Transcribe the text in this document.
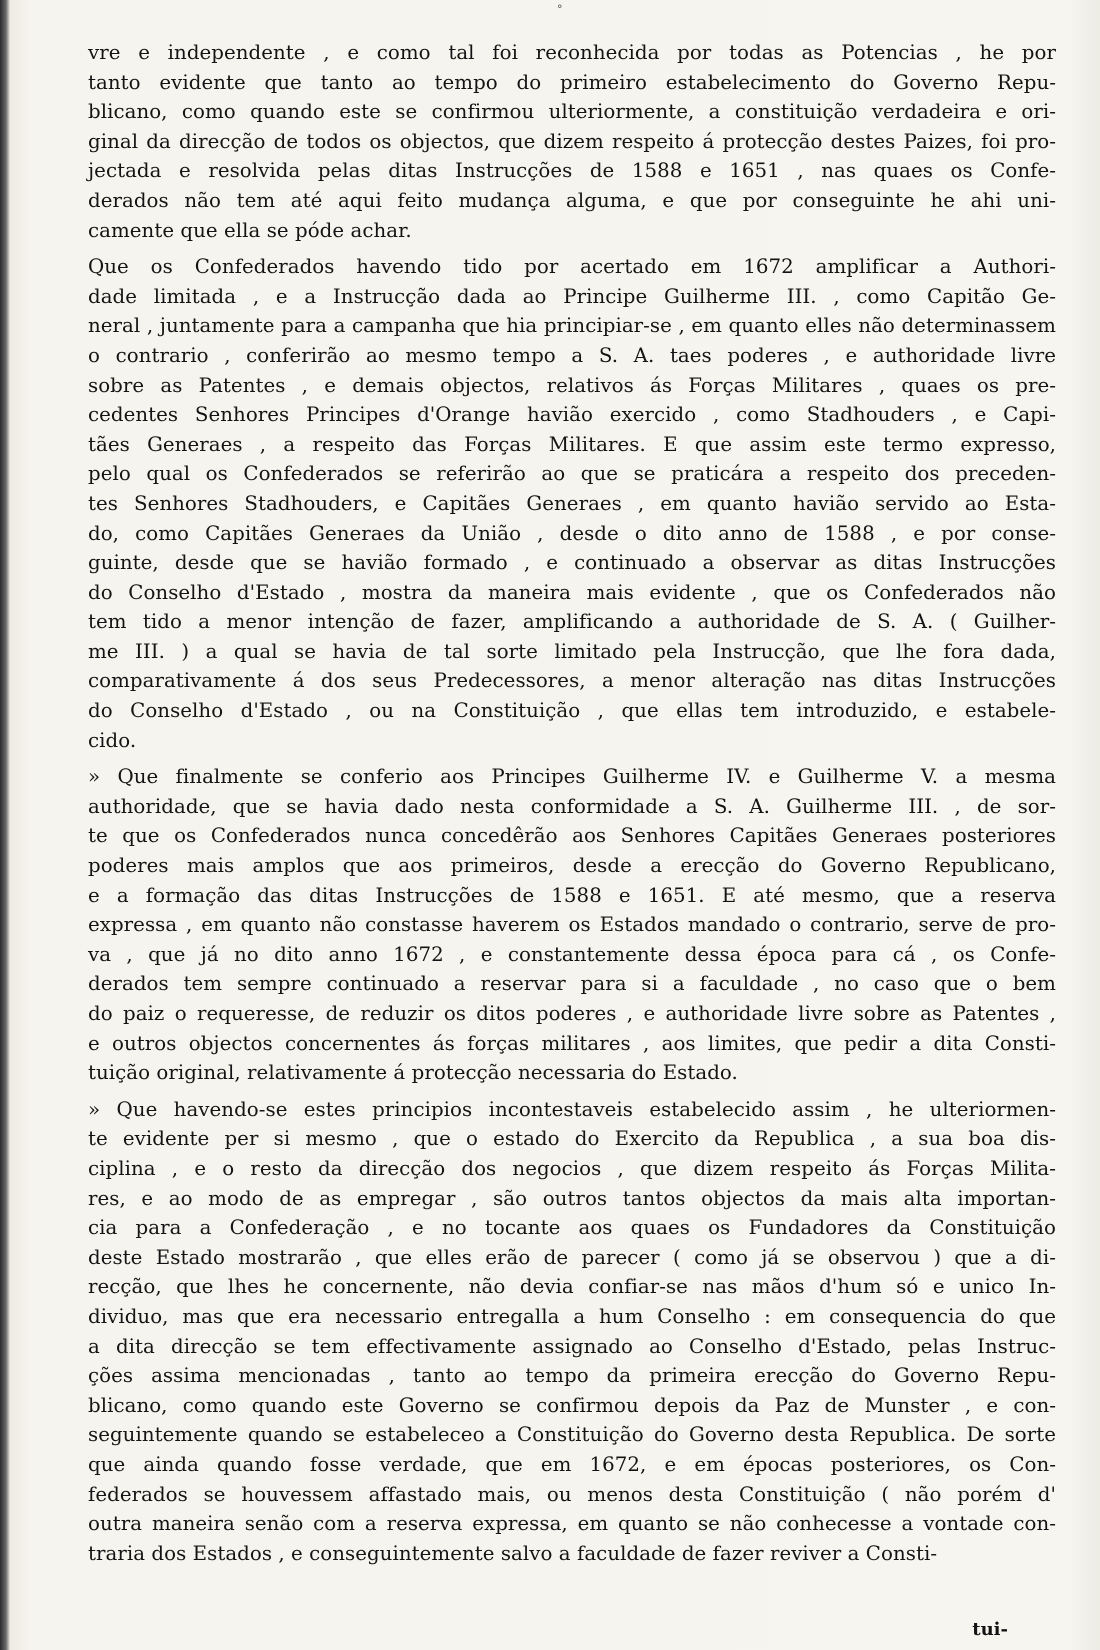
°

vre e independente , e como tal foi reconhecida por todas as Potencias , he por
tanto evidente que tanto ao tempo do primeiro estabelecimento do Governo Repu-
blicano, como quando este se confirmou ulteriormente, a constituição verdadeira e ori-
ginal da direcção de todos os objectos, que dizem respeito á protecção destes Paizes, foi pro-
jectada e resolvida pelas ditas Instrucções de 1588 e 1651 , nas quaes os Confe-
derados não tem até aqui feito mudança alguma, e que por conseguinte he ahi uni-
camente que ella se póde achar.

Que os Confederados havendo tido por acertado em 1672 amplificar a Authori-
dade limitada , e a Instrucção dada ao Principe Guilherme III. , como Capitão Ge-
neral , juntamente para a campanha que hia principiar-se , em quanto elles não determinassem
o contrario , conferirão ao mesmo tempo a S. A. taes poderes , e authoridade livre
sobre as Patentes , e demais objectos, relativos ás Forças Militares , quaes os pre-
cedentes Senhores Principes d'Orange havião exercido , como Stadhouders , e Capi-
tães Generaes , a respeito das Forças Militares. E que assim este termo expresso,
pelo qual os Confederados se referirão ao que se praticára a respeito dos preceden-
tes Senhores Stadhouders, e Capitães Generaes , em quanto havião servido ao Esta-
do, como Capitães Generaes da União , desde o dito anno de 1588 , e por conse-
guinte, desde que se havião formado , e continuado a observar as ditas Instrucções
do Conselho d'Estado , mostra da maneira mais evidente , que os Confederados não
tem tido a menor intenção de fazer, amplificando a authoridade de S. A. ( Guilher-
me III. ) a qual se havia de tal sorte limitado pela Instrucção, que lhe fora dada,
comparativamente á dos seus Predecessores, a menor alteração nas ditas Instrucções
do Conselho d'Estado , ou na Constituição , que ellas tem introduzido, e estabele-
cido.

» Que finalmente se conferio aos Principes Guilherme IV. e Guilherme V. a mesma
authoridade, que se havia dado nesta conformidade a S. A. Guilherme III. , de sor-
te que os Confederados nunca concedêrão aos Senhores Capitães Generaes posteriores
poderes mais amplos que aos primeiros, desde a erecção do Governo Republicano,
e a formação das ditas Instrucções de 1588 e 1651. E até mesmo, que a reserva
expressa , em quanto não constasse haverem os Estados mandado o contrario, serve de pro-
va , que já no dito anno 1672 , e constantemente dessa época para cá , os Confe-
derados tem sempre continuado a reservar para si a faculdade , no caso que o bem
do paiz o requeresse, de reduzir os ditos poderes , e authoridade livre sobre as Patentes ,
e outros objectos concernentes ás forças militares , aos limites, que pedir a dita Consti-
tuição original, relativamente á protecção necessaria do Estado.

» Que havendo-se estes principios incontestaveis estabelecido assim , he ulteriormen-
te evidente per si mesmo , que o estado do Exercito da Republica , a sua boa dis-
ciplina , e o resto da direcção dos negocios , que dizem respeito ás Forças Milita-
res, e ao modo de as empregar , são outros tantos objectos da mais alta importan-
cia para a Confederação , e no tocante aos quaes os Fundadores da Constituição
deste Estado mostrarão , que elles erão de parecer ( como já se observou ) que a di-
recção, que lhes he concernente, não devia confiar-se nas mãos d'hum só e unico In-
dividuo, mas que era necessario entregalla a hum Conselho : em consequencia do que
a dita direcção se tem effectivamente assignado ao Conselho d'Estado, pelas Instruc-
ções assima mencionadas , tanto ao tempo da primeira erecção do Governo Repu-
blicano, como quando este Governo se confirmou depois da Paz de Munster , e con-
seguintemente quando se estabeleceo a Constituição do Governo desta Republica. De sorte
que ainda quando fosse verdade, que em 1672, e em épocas posteriores, os Con-
federados se houvessem affastado mais, ou menos desta Constituição ( não porém d'
outra maneira senão com a reserva expressa, em quanto se não conhecesse a vontade con-
traria dos Estados , e conseguintemente salvo a faculdade de fazer reviver a Consti-

tui-
